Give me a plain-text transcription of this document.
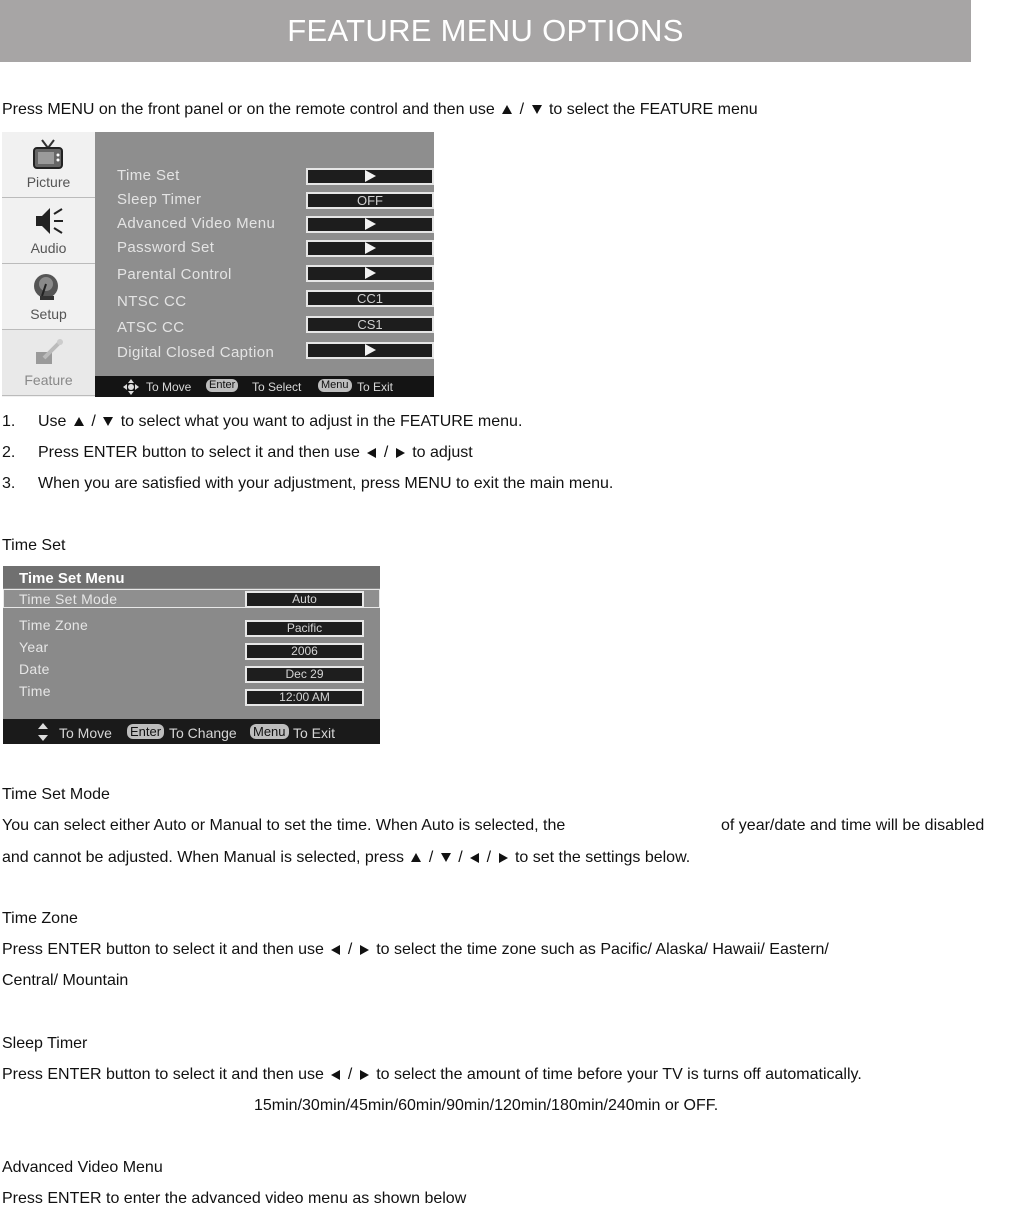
FEATURE MENU OPTIONS
Press MENU on the front panel or on the remote control and then use / to select the FEATURE menu
Picture
Audio
Setup
Feature
Time Set
Sleep Timer	OFF
Advanced Video Menu
Password Set
Parental Control
NTSC CC	CC1
ATSC CC	CS1
Digital Closed Caption
To Move Enter To Select Menu To Exit
1. Use / to select what you want to adjust in the FEATURE menu.
2. Press ENTER button to select it and then use / to adjust
3. When you are satisfied with your adjustment, press MENU to exit the main menu.
Time Set
Time Set Menu
Time Set Mode	Auto
Time Zone	Pacific
Year	2006
Date	Dec 29
Time	12:00 AM
To Move Enter To Change Menu To Exit
Time Set Mode
You can select either Auto or Manual to set the time. When Auto is selected, the	of year/date and time will be disabled
and cannot be adjusted. When Manual is selected, press  /  /  /  to set the settings below.
Time Zone
Press ENTER button to select it and then use  /  to select the time zone such as Pacific/ Alaska/ Hawaii/ Eastern/
Central/ Mountain
Sleep Timer
Press ENTER button to select it and then use  /  to select the amount of time before your TV is turns off automatically.
15min/30min/45min/60min/90min/120min/180min/240min or OFF.
Advanced Video Menu
Press ENTER to enter the advanced video menu as shown below
